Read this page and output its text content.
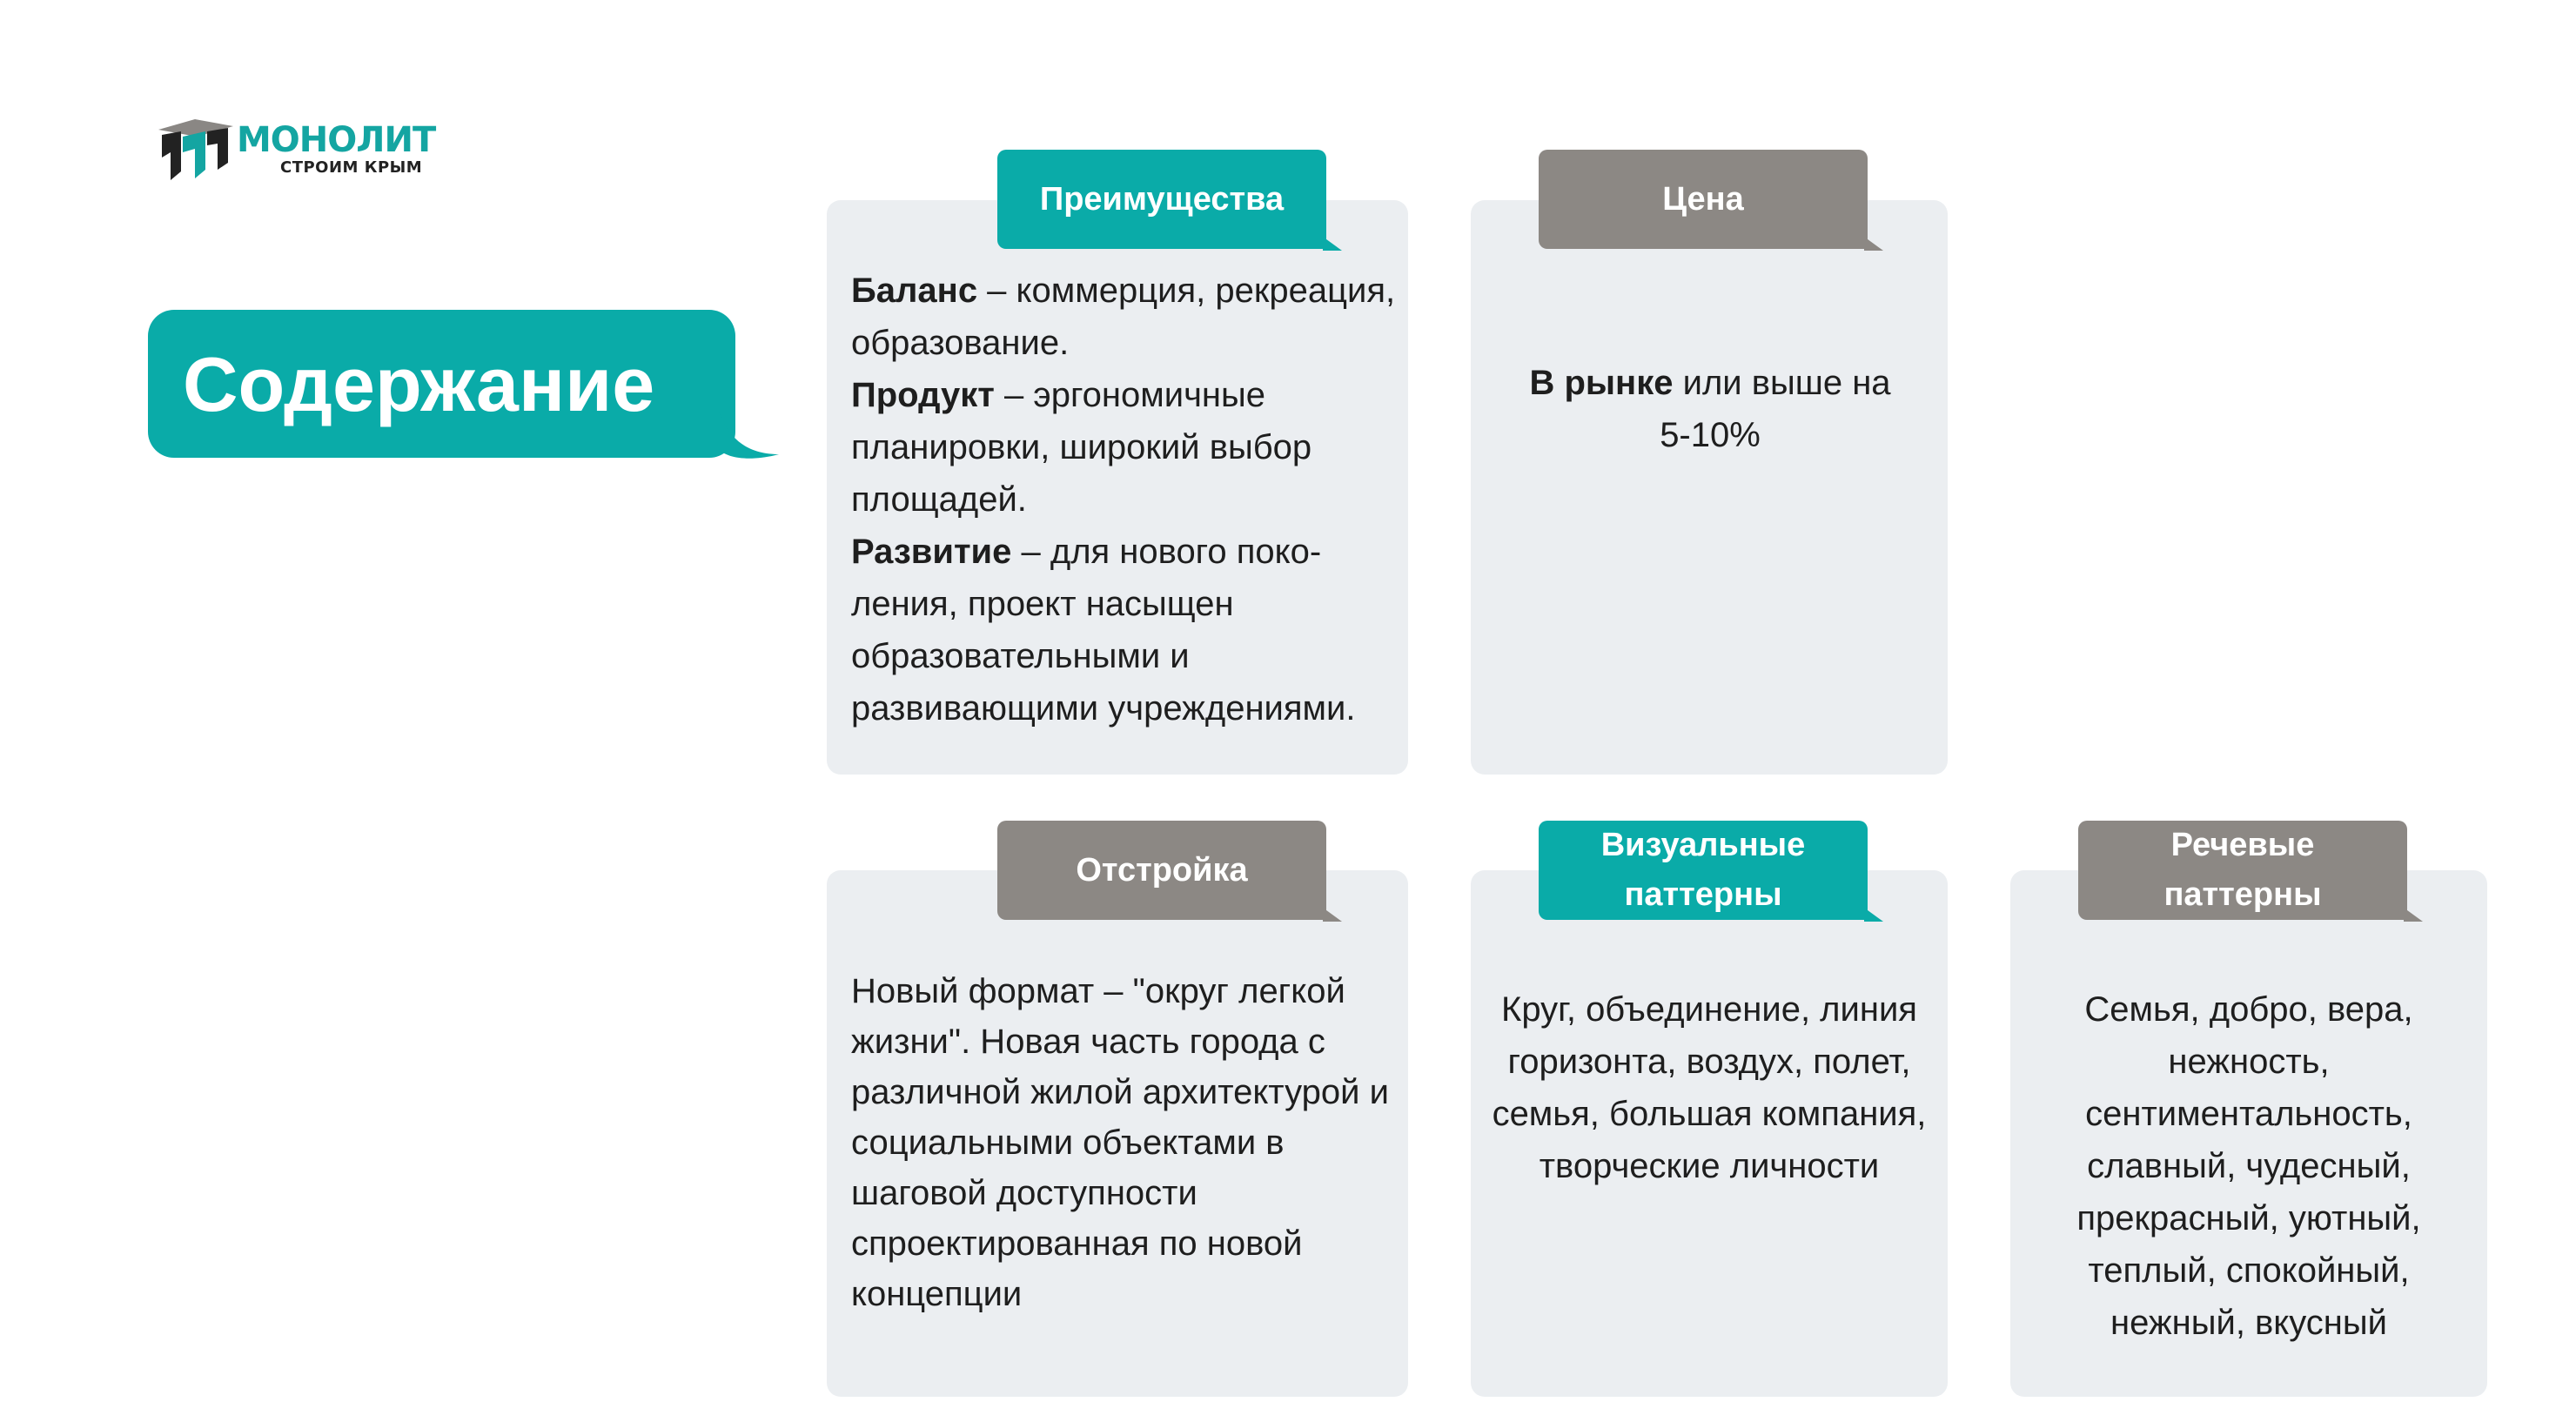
МОНОЛИТ
СТРОИМ КРЫМ
Содержание
Преимущества
Баланс – коммерция, рекреация, образование.
Продукт – эргономичные планировки, широкий выбор площадей.
Развитие – для нового поко-ления, проект насыщен образовательными и развивающими учреждениями.
Цена
В рынке или выше на 5-10%
Отстройка
Новый формат – "округ легкой жизни". Новая часть города с различной жилой архитектурой и социальными объектами в шаговой доступности спроектированная по новой концепции
Визуальные паттерны
Круг, объединение, линия горизонта, воздух, полет, семья, большая компания, творческие личности
Речевые паттерны
Семья, добро, вера, нежность, сентиментальность, славный, чудесный, прекрасный, уютный, теплый, спокойный, нежный, вкусный
